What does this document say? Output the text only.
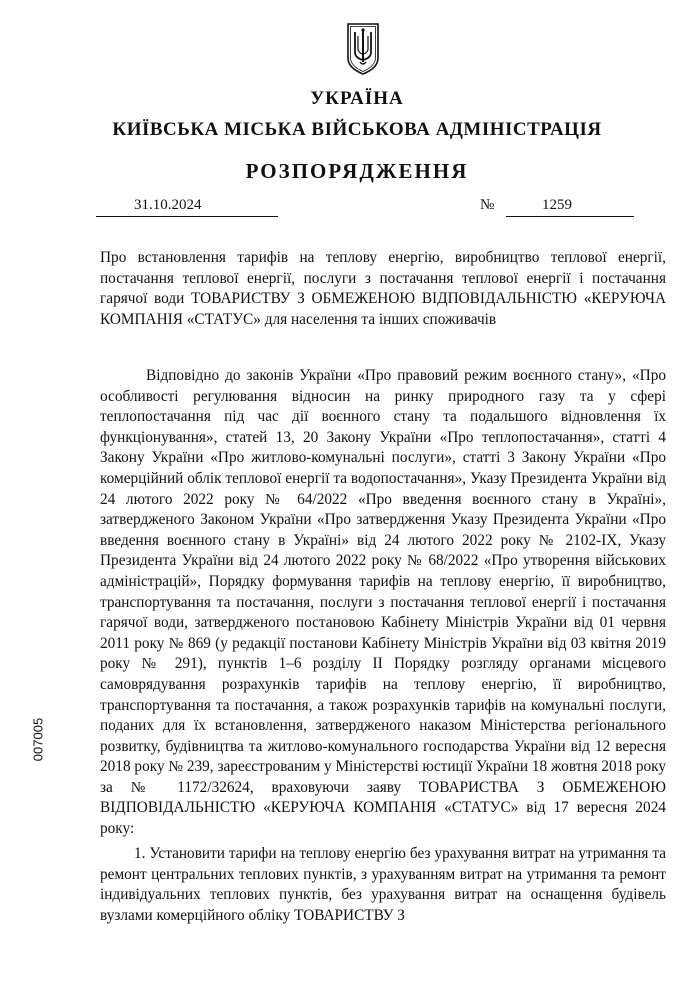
УКРАЇНА
КИЇВСЬКА МІСЬКА ВІЙСЬКОВА АДМІНІСТРАЦІЯ
РОЗПОРЯДЖЕННЯ
31.10.2024	№	1259
Про встановлення тарифів на теплову енергію, виробництво теплової енергії, постачання теплової енергії, послуги з постачання теплової енергії і постачання гарячої води ТОВАРИСТВУ З ОБМЕЖЕНОЮ ВІДПОВІДАЛЬНІСТЮ «КЕРУЮЧА КОМПАНІЯ «СТАТУС» для населення та інших споживачів
Відповідно до законів України «Про правовий режим воєнного стану», «Про особливості регулювання відносин на ринку природного газу та у сфері теплопостачання під час дії воєнного стану та подальшого відновлення їх функціонування», статей 13, 20 Закону України «Про теплопостачання», статті 4 Закону України «Про житлово-комунальні послуги», статті 3 Закону України «Про комерційний облік теплової енергії та водопостачання», Указу Президента України від 24 лютого 2022 року № 64/2022 «Про введення воєнного стану в Україні», затвердженого Законом України «Про затвердження Указу Президента України «Про введення воєнного стану в Україні» від 24 лютого 2022 року № 2102-IX, Указу Президента України від 24 лютого 2022 року № 68/2022 «Про утворення військових адміністрацій», Порядку формування тарифів на теплову енергію, її виробництво, транспортування та постачання, послуги з постачання теплової енергії і постачання гарячої води, затвердженого постановою Кабінету Міністрів України від 01 червня 2011 року № 869 (у редакції постанови Кабінету Міністрів України від 03 квітня 2019 року № 291), пунктів 1–6 розділу ІІ Порядку розгляду органами місцевого самоврядування розрахунків тарифів на теплову енергію, її виробництво, транспортування та постачання, а також розрахунків тарифів на комунальні послуги, поданих для їх встановлення, затвердженого наказом Міністерства регіонального розвитку, будівництва та житлово-комунального господарства України від 12 вересня 2018 року № 239, зареєстрованим у Міністерстві юстиції України 18 жовтня 2018 року за № 1172/32624, враховуючи заяву ТОВАРИСТВА З ОБМЕЖЕНОЮ ВІДПОВІДАЛЬНІСТЮ «КЕРУЮЧА КОМПАНІЯ «СТАТУС» від 17 вересня 2024 року:
1. Установити тарифи на теплову енергію без урахування витрат на утримання та ремонт центральних теплових пунктів, з урахуванням витрат на утримання та ремонт індивідуальних теплових пунктів, без урахування витрат на оснащення будівель вузлами комерційного обліку ТОВАРИСТВУ З
007005
